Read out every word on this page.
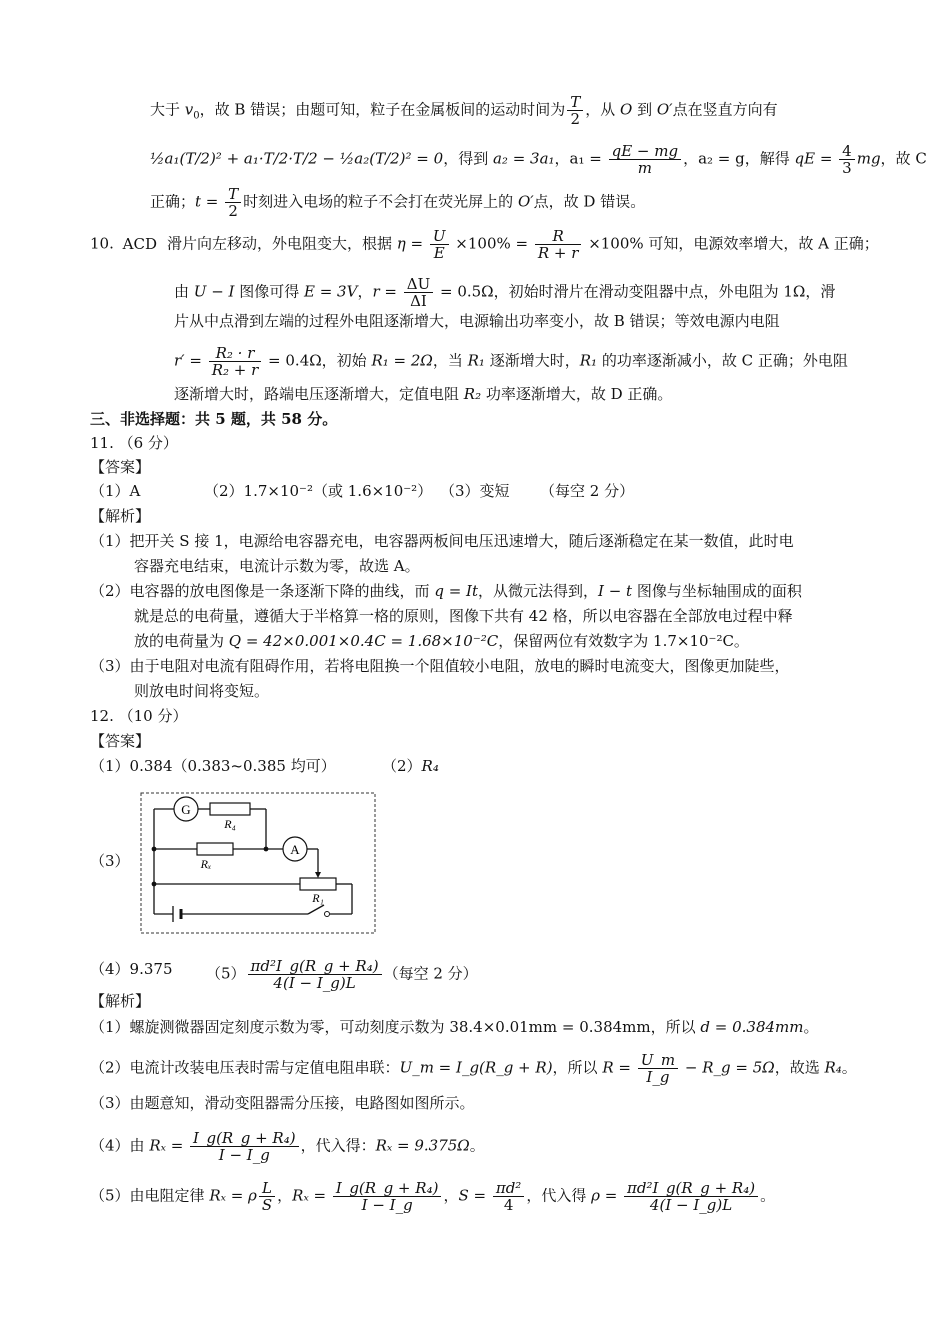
大于 $v_0$，故 B 错误；由题可知，粒子在金属板间的运动时间为 $\frac{T}{2}$ ，从 O 到 O′点在竖直方向有
½a₁(T/2)² + a₁·T/2·T/2 − ½a₂(T/2)² = 0，得到 a₂ = 3a₁，$a_1 = \frac{qE - mg}{m}$ ，a₂ = g，解得 qE = $\frac{4}{3}$ mg，故 C
正确；$t = \frac{T}{2}$ 时刻进入电场的粒子不会打在荧光屏上的 O′点，故 D 错误。
10. ACD 滑片向左移动，外电阻变大，根据 $\eta = \frac{U}{E} \times 100\% = \frac{R}{R + r} \times 100\%$ 可知，电源效率增大，故 A 正确；
由 U − I 图像可得 E = 3V，$r = \frac{\Delta U}{\Delta I} = 0.5\Omega$，初始时滑片在滑动变阻器中点，外电阻为 1Ω，滑
片从中点滑到左端的过程外电阻逐渐增大，电源输出功率变小，故 B 错误；等效电源内电阻
$r' = \frac{\text{R₂ · r}}{\text{R₂ + r}} = 0.4\Omega$，初始 R₁ = 2Ω，当 R₁ 逐渐增大时，R₁ 的功率逐渐减小，故 C 正确；外电阻
逐渐增大时，路端电压逐渐增大，定值电阻 R₂ 功率逐渐增大，故 D 正确。
三、非选择题：共 5 题，共 58 分。
11. （6 分）
【答案】
（1）A	（2）1.7×10⁻²（或 1.6×10⁻²） （3）变短 （每空 2 分）
【解析】
（1）把开关 S 接 1，电源给电容器充电，电容器两板间电压迅速增大，随后逐渐稳定在某一数值，此时电
容器充电结束，电流计示数为零，故选 A。
（2）电容器的放电图像是一条逐渐下降的曲线，而 q = It，从微元法得到，I − t 图像与坐标轴围成的面积
就是总的电荷量，遵循大于半格算一格的原则，图像下共有 42 格，所以电容器在全部放电过程中释
放的电荷量为 Q = 42×0.001×0.4C = 1.68×10⁻²C，保留两位有效数字为 1.7×10⁻²C。
（3）由于电阻对电流有阻碍作用，若将电阻换一个阻值较小电阻，放电的瞬时电流变大，图像更加陡些，
则放电时间将变短。
12. （10 分）
【答案】
（1）0.384（0.383~0.385 均可）	（2）R₄
（3）
G
A
R₄
Rₓ
R₁
（4）9.375 $(5) \frac{\text{πd²I\_g(R\_g + R₄)}}{4(I - I\_g)L}$ （每空 2 分）
【解析】
（1）螺旋测微器固定刻度示数为零，可动刻度示数为 38.4×0.01mm = 0.384mm，所以 d = 0.384mm。
（2）电流计改装电压表时需与定值电阻串联：U_m = I_g(R_g + R)，所以 $R = \frac{U\_m}{I\_g}$ − R_g = 5Ω，故选 R₄。
（3）由题意知，滑动变阻器需分压接，电路图如图所示。
（4）由 $R_x = \frac{\text{I\_g(R\_g + R₄)}}{I - I\_g}$ ，代入得：Rₓ = 9.375Ω。
（5）由电阻定律 Rₓ = ρ $\frac{L}{S}$ ，$R_x = \frac{\text{I\_g(R\_g + R₄)}}{I - I\_g}$ ，$S = \frac{\text{πd²}}{4}$ ，代入得 $\rho = \frac{\text{πd²I\_g(R\_g + R₄)}}{4(I - I\_g)L}$ 。
